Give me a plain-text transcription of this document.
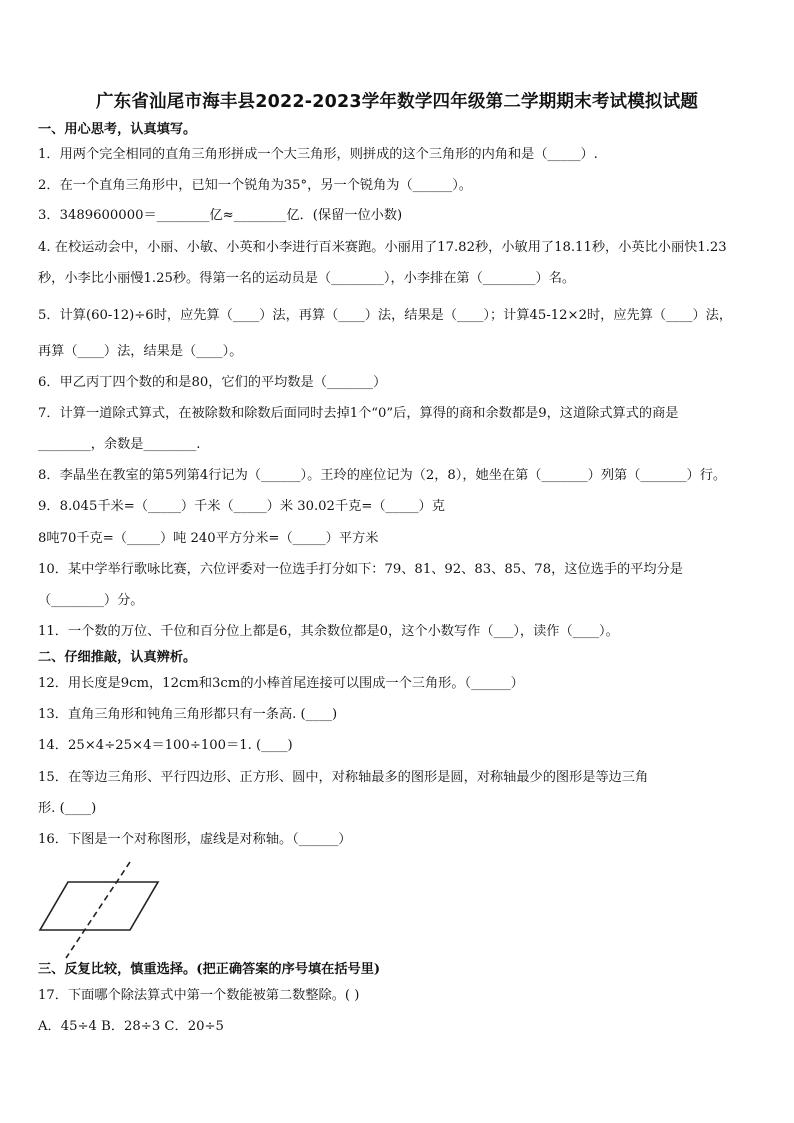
广东省汕尾市海丰县2022-2023学年数学四年级第二学期期末考试模拟试题
一、用心思考，认真填写。
1．用两个完全相同的直角三角形拼成一个大三角形，则拼成的这个三角形的内角和是（_____）.
2．在一个直角三角形中，已知一个锐角为35°，另一个锐角为（______）。
3．3489600000＝________亿≈________亿．(保留一位小数)
4. 在校运动会中，小丽、小敏、小英和小李进行百米赛跑。小丽用了17.82秒，小敏用了18.11秒，小英比小丽快1.23
秒，小李比小丽慢1.25秒。得第一名的运动员是（________），小李排在第（________）名。
5．计算(60-12)÷6时，应先算（____）法，再算（____）法，结果是（____）；计算45-12×2时，应先算（____）法，
再算（____）法，结果是（____）。
6．甲乙丙丁四个数的和是80，它们的平均数是（_______）
7．计算一道除式算式，在被除数和除数后面同时去掉1个“0”后，算得的商和余数都是9，这道除式算式的商是
________，余数是________.
8．李晶坐在教室的第5列第4行记为（______）。王玲的座位记为（2，8），她坐在第（_______）列第（_______）行。
9．8.045千米=（_____）千米（_____）米 30.02千克=（_____）克
8吨70千克=（_____）吨 240平方分米=（_____）平方米
10．某中学举行歌咏比赛，六位评委对一位选手打分如下：79、81、92、83、85、78，这位选手的平均分是
（________）分。
11．一个数的万位、千位和百分位上都是6，其余数位都是0，这个小数写作（___），读作（____）。
二、仔细推敲，认真辨析。
12．用长度是9cm，12cm和3cm的小棒首尾连接可以围成一个三角形。（______）
13．直角三角形和钝角三角形都只有一条高. (____)
14．25×4÷25×4＝100÷100＝1. (____)
15．在等边三角形、平行四边形、正方形、圆中，对称轴最多的图形是圆，对称轴最少的图形是等边三角
形. (____)
16．下图是一个对称图形，虚线是对称轴。（______）
三、反复比较，慎重选择。(把正确答案的序号填在括号里)
17．下面哪个除法算式中第一个数能被第二数整除。( )
A．45÷4 B．28÷3 C．20÷5
